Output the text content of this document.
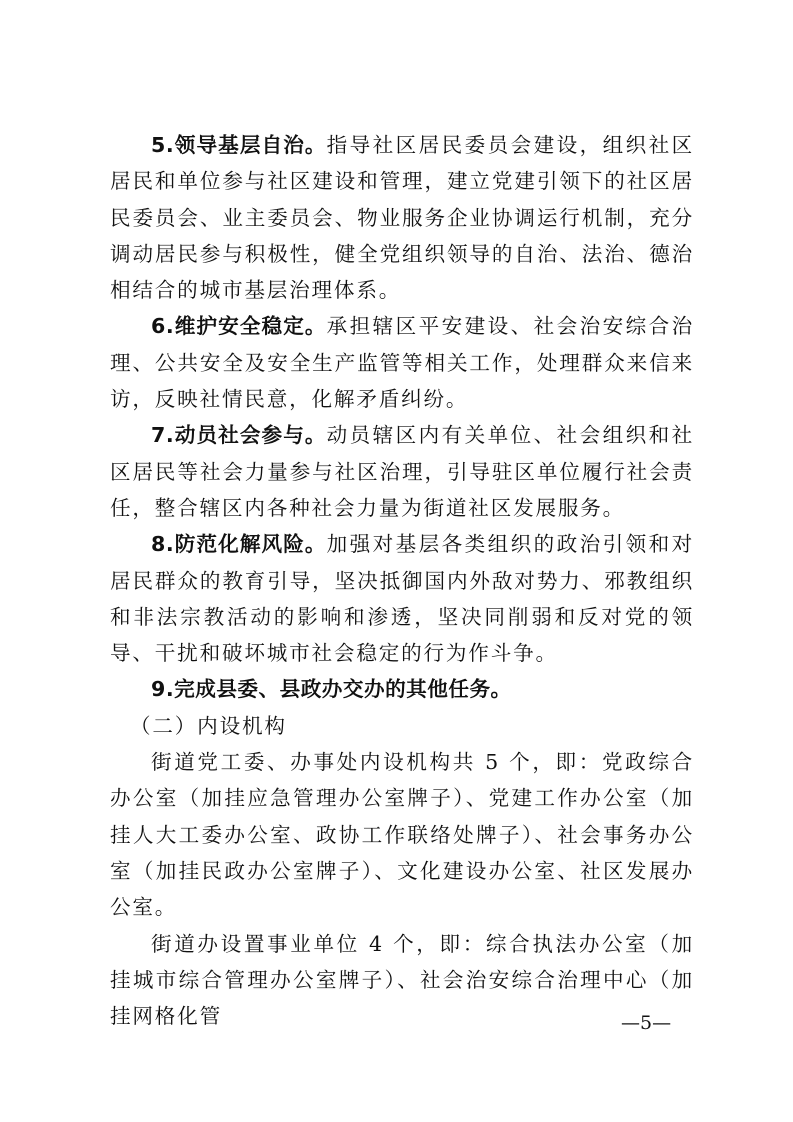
5.领导基层自治。指导社区居民委员会建设，组织社区居民和单位参与社区建设和管理，建立党建引领下的社区居民委员会、业主委员会、物业服务企业协调运行机制，充分调动居民参与积极性，健全党组织领导的自治、法治、德治相结合的城市基层治理体系。

6.维护安全稳定。承担辖区平安建设、社会治安综合治理、公共安全及安全生产监管等相关工作，处理群众来信来访，反映社情民意，化解矛盾纠纷。

7.动员社会参与。动员辖区内有关单位、社会组织和社区居民等社会力量参与社区治理，引导驻区单位履行社会责任，整合辖区内各种社会力量为街道社区发展服务。

8.防范化解风险。加强对基层各类组织的政治引领和对居民群众的教育引导，坚决抵御国内外敌对势力、邪教组织和非法宗教活动的影响和渗透，坚决同削弱和反对党的领导、干扰和破坏城市社会稳定的行为作斗争。

9.完成县委、县政办交办的其他任务。

（二）内设机构

街道党工委、办事处内设机构共 5 个，即：党政综合办公室（加挂应急管理办公室牌子）、党建工作办公室（加挂人大工委办公室、政协工作联络处牌子）、社会事务办公室（加挂民政办公室牌子）、文化建设办公室、社区发展办公室。

街道办设置事业单位 4 个，即：综合执法办公室（加挂城市综合管理办公室牌子）、社会治安综合治理中心（加挂网格化管	—5—
